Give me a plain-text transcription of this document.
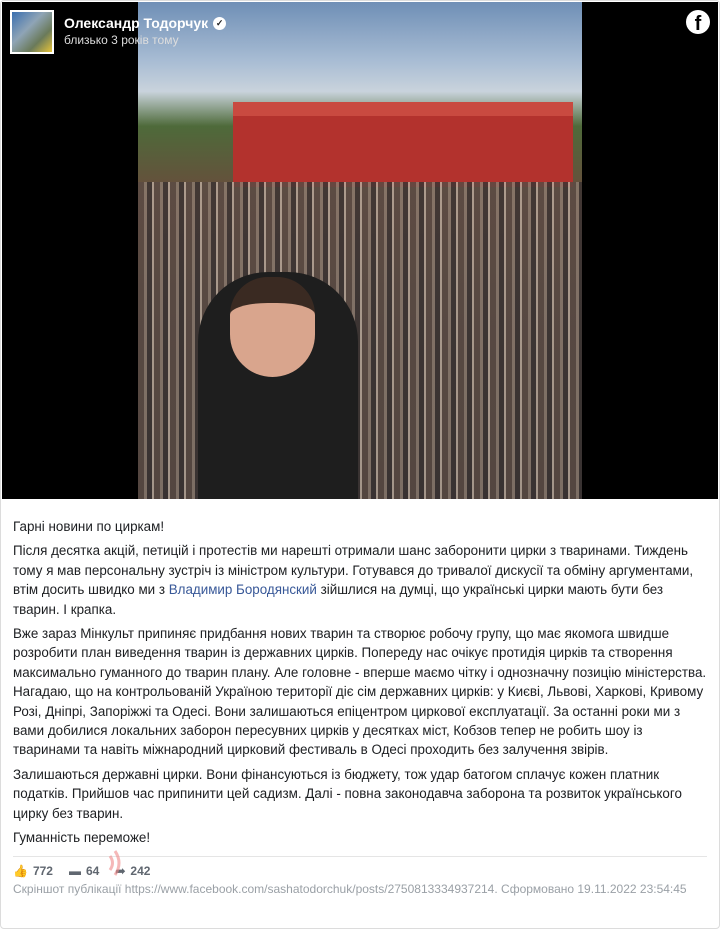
Олександр Тодорчук ✓
близько 3 років тому
f

Гарні новини по циркам!

Після десятка акцій, петицій і протестів ми нарешті отримали шанс заборонити цирки з тваринами. Тиждень тому я мав персональну зустріч із міністром культури. Готувався до тривалої дискусії та обміну аргументами, втім досить швидко ми з Владимир Бородянский зійшлися на думці, що українські цирки мають бути без тварин. І крапка.

Вже зараз Мінкульт припиняє придбання нових тварин та створює робочу групу, що має якомога швидше розробити план виведення тварин із державних цирків. Попереду нас очікує протидія цирків та створення максимально гуманного до тварин плану. Але головне - вперше маємо чітку і однозначну позицію міністерства.

Нагадаю, що на контрольованій Україною території діє сім державних цирків: у Києві, Львові, Харкові, Кривому Розі, Дніпрі, Запоріжжі та Одесі. Вони залишаються епіцентром циркової експлуатації. За останні роки ми з вами добилися локальних заборон пересувних цирків у десятках міст, Кобзов тепер не робить шоу із тваринами та навіть міжнародний цирковий фестиваль в Одесі проходить без залучення звірів.

Залишаються державні цирки. Вони фінансуються із бюджету, тож удар батогом сплачує кожен платник податків. Прийшов час припинити цей садизм. Далі - повна законодавча заборона та розвиток українського цирку без тварин.

Гуманність переможе!

👍 772 ▬ 64 ➦ 242
Скріншот публікації https://www.facebook.com/sashatodorchuk/posts/2750813334937214. Сформовано 19.11.2022 23:54:45
